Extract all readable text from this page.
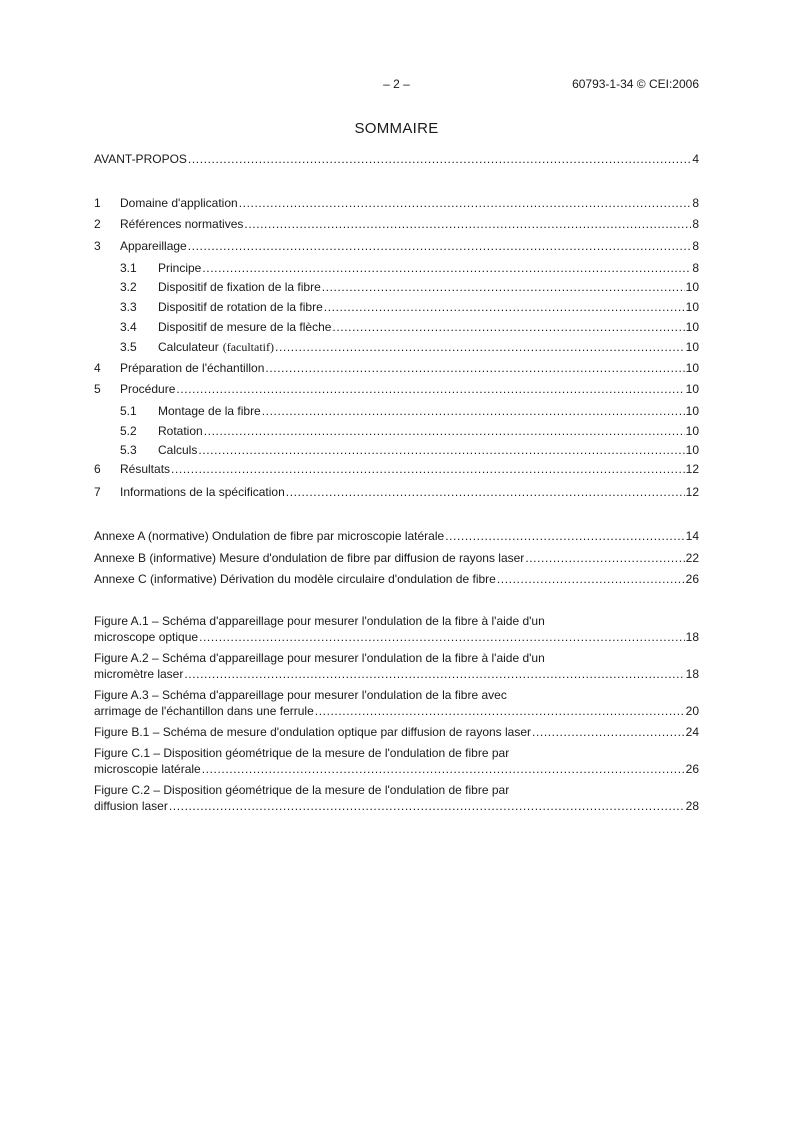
– 2 –	60793-1-34 © CEI:2006
SOMMAIRE
AVANT-PROPOS .....	4
1	Domaine d'application .....	8
2	Références normatives .....	8
3	Appareillage .....	8
3.1	Principe .....	8
3.2	Dispositif de fixation de la fibre .....	10
3.3	Dispositif de rotation de la fibre .....	10
3.4	Dispositif de mesure de la flèche .....	10
3.5	Calculateur (facultatif) .....	10
4	Préparation de l'échantillon .....	10
5	Procédure .....	10
5.1	Montage de la fibre .....	10
5.2	Rotation .....	10
5.3	Calculs .....	10
6	Résultats .....	12
7	Informations de la spécification .....	12
Annexe A (normative) Ondulation de fibre par microscopie latérale .....	14
Annexe B (informative) Mesure d'ondulation de fibre par diffusion de rayons laser .....	22
Annexe C (informative) Dérivation du modèle circulaire d'ondulation de fibre .....	26
Figure A.1 – Schéma d'appareillage pour mesurer l'ondulation de la fibre à l'aide d'un
microscope optique .....	18
Figure A.2 – Schéma d'appareillage pour mesurer l'ondulation de la fibre à l'aide d'un
micromètre laser .....	18
Figure A.3 – Schéma d'appareillage pour mesurer l'ondulation de la fibre avec
arrimage de l'échantillon dans une ferrule .....	20
Figure B.1 – Schéma de mesure d'ondulation optique par diffusion de rayons laser .....	24
Figure C.1 – Disposition géométrique de la mesure de l'ondulation de fibre par
microscopie latérale .....	26
Figure C.2 – Disposition géométrique de la mesure de l'ondulation de fibre par
diffusion laser .....	28
